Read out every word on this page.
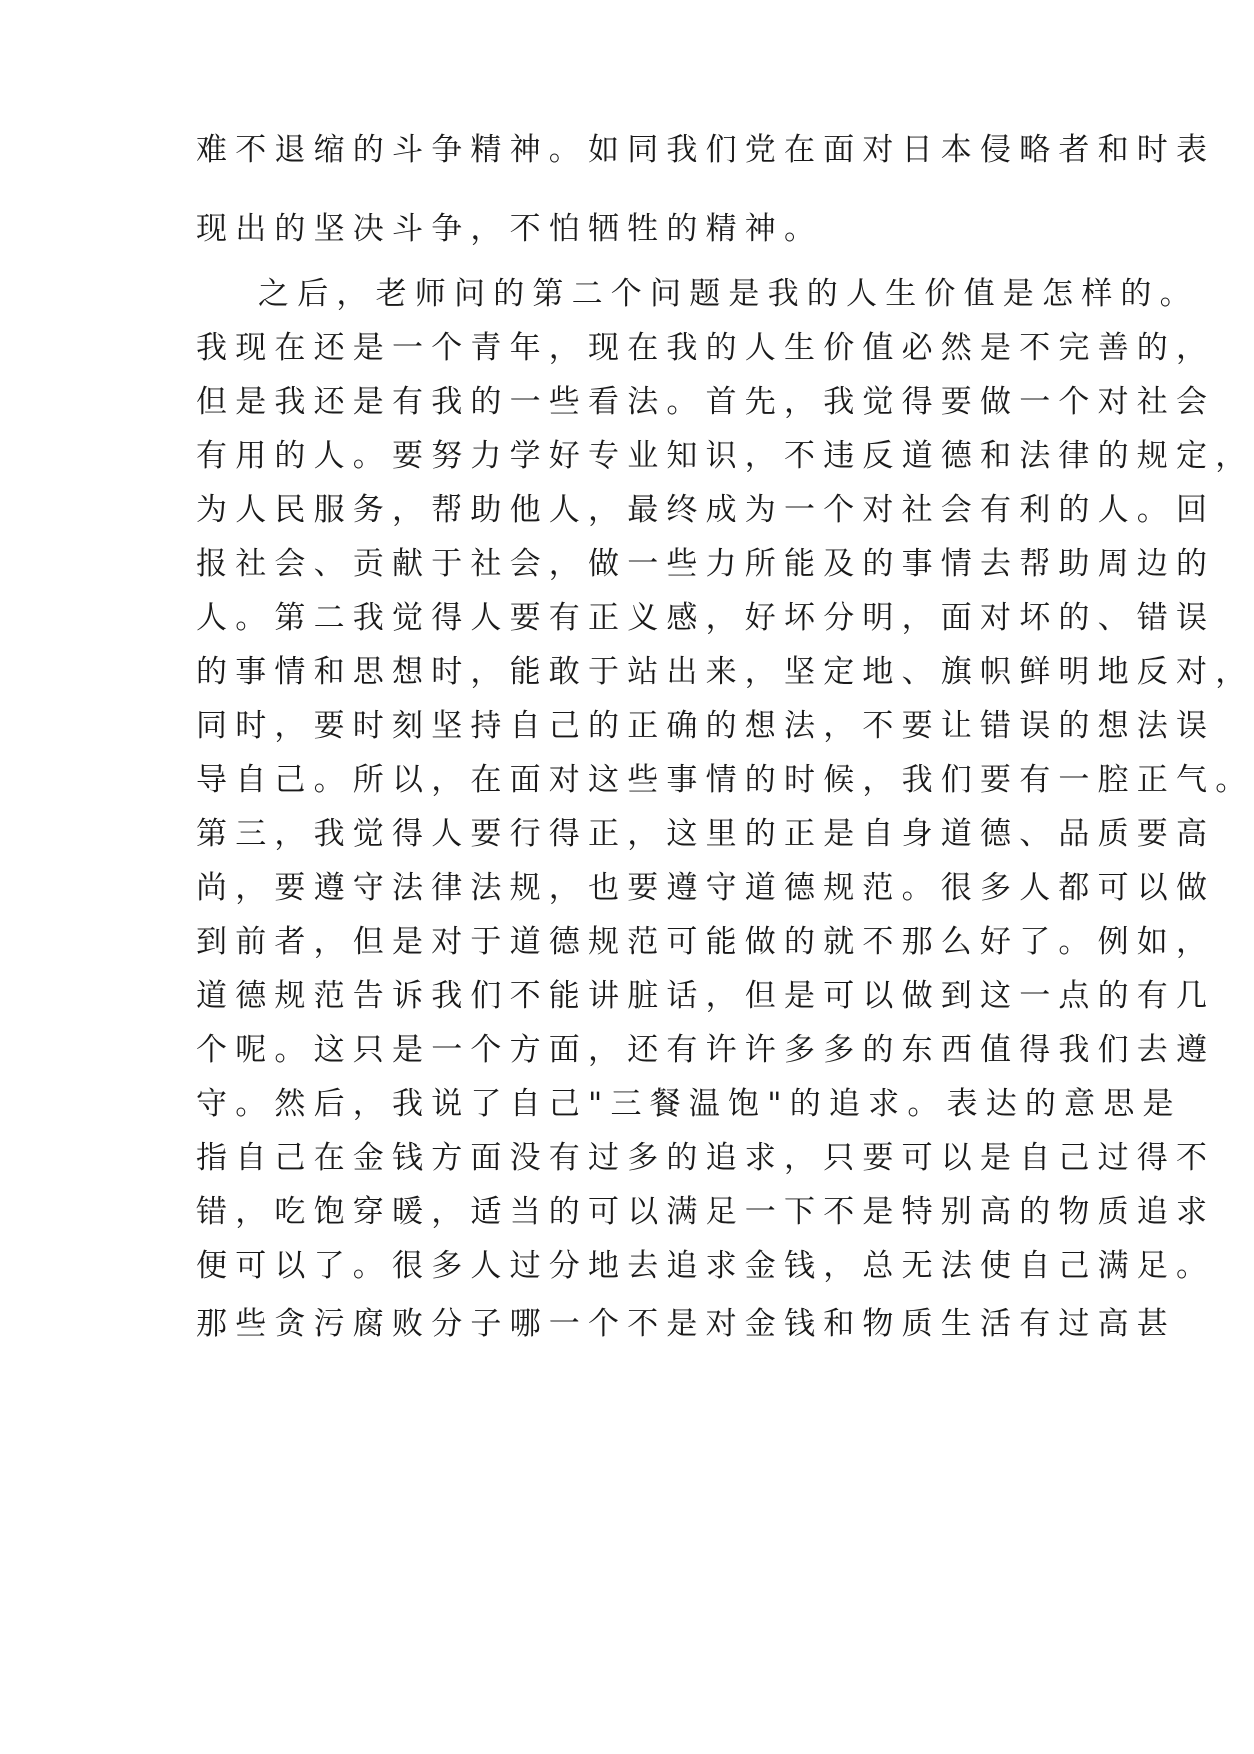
难不退缩的斗争精神。如同我们党在面对日本侵略者和时表
现出的坚决斗争，不怕牺牲的精神。
之后，老师问的第二个问题是我的人生价值是怎样的。
我现在还是一个青年，现在我的人生价值必然是不完善的，
但是我还是有我的一些看法。首先，我觉得要做一个对社会
有用的人。要努力学好专业知识，不违反道德和法律的规定，
为人民服务，帮助他人，最终成为一个对社会有利的人。回
报社会、贡献于社会，做一些力所能及的事情去帮助周边的
人。第二我觉得人要有正义感，好坏分明，面对坏的、错误
的事情和思想时，能敢于站出来，坚定地、旗帜鲜明地反对，
同时，要时刻坚持自己的正确的想法，不要让错误的想法误
导自己。所以，在面对这些事情的时候，我们要有一腔正气。
第三，我觉得人要行得正，这里的正是自身道德、品质要高
尚，要遵守法律法规，也要遵守道德规范。很多人都可以做
到前者，但是对于道德规范可能做的就不那么好了。例如，
道德规范告诉我们不能讲脏话，但是可以做到这一点的有几
个呢。这只是一个方面，还有许许多多的东西值得我们去遵
守。然后，我说了自己"三餐温饱"的追求。表达的意思是
指自己在金钱方面没有过多的追求，只要可以是自己过得不
错，吃饱穿暖，适当的可以满足一下不是特别高的物质追求
便可以了。很多人过分地去追求金钱，总无法使自己满足。
那些贪污腐败分子哪一个不是对金钱和物质生活有过高甚
